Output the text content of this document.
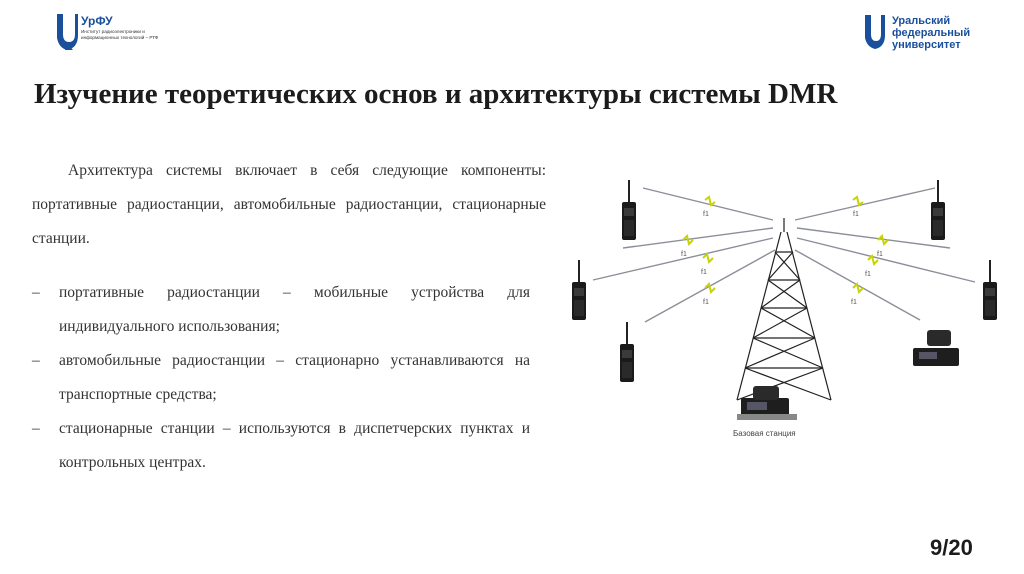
УрФУ
Институт радиоэлектроники и информационных технологий – РТФ
Уральский
федеральный
университет
Изучение теоретических основ и архитектуры системы DMR
Архитектура системы включает в себя следующие компоненты: портативные радиостанции, автомобильные радиостанции, стационарные станции.
– портативные радиостанции – мобильные устройства для индивидуального использования;
– автомобильные радиостанции – стационарно устанавливаются на транспортные средства;
– стационарные станции – используются в диспетчерских пунктах и контрольных центрах.
f1	f1
f1	f1
f1	f1
f1	f1
Базовая станция
9/20
